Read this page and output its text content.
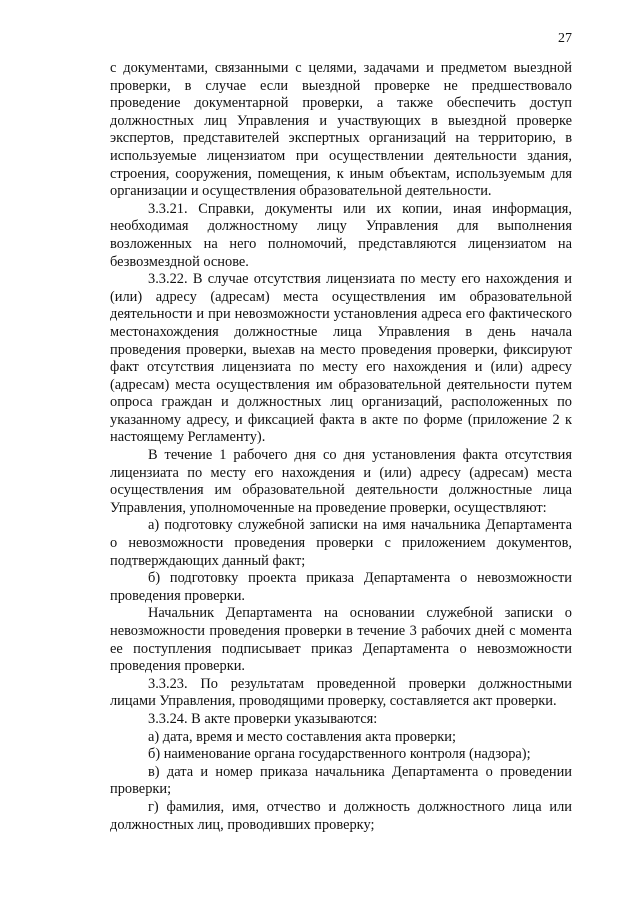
27

с документами, связанными с целями, задачами и предметом выездной проверки, в случае если выездной проверке не предшествовало проведение документарной проверки, а также обеспечить доступ должностных лиц Управления и участвующих в выездной проверке экспертов, представителей экспертных организаций на территорию, в используемые лицензиатом при осуществлении деятельности здания, строения, сооружения, помещения, к иным объектам, используемым для организации и осуществления образовательной деятельности.

3.3.21. Справки, документы или их копии, иная информация, необходимая должностному лицу Управления для выполнения возложенных на него полномочий, представляются лицензиатом на безвозмездной основе.

3.3.22. В случае отсутствия лицензиата по месту его нахождения и (или) адресу (адресам) места осуществления им образовательной деятельности и при невозможности установления адреса его фактического местонахождения должностные лица Управления в день начала проведения проверки, выехав на место проведения проверки, фиксируют факт отсутствия лицензиата по месту его нахождения и (или) адресу (адресам) места осуществления им образовательной деятельности путем опроса граждан и должностных лиц организаций, расположенных по указанному адресу, и фиксацией факта в акте по форме (приложение 2 к настоящему Регламенту).

В течение 1 рабочего дня со дня установления факта отсутствия лицензиата по месту его нахождения и (или) адресу (адресам) места осуществления им образовательной деятельности должностные лица Управления, уполномоченные на проведение проверки, осуществляют:

а) подготовку служебной записки на имя начальника Департамента о невозможности проведения проверки с приложением документов, подтверждающих данный факт;

б) подготовку проекта приказа Департамента о невозможности проведения проверки.

Начальник Департамента на основании служебной записки о невозможности проведения проверки в течение 3 рабочих дней с момента ее поступления подписывает приказ Департамента о невозможности проведения проверки.

3.3.23. По результатам проведенной проверки должностными лицами Управления, проводящими проверку, составляется акт проверки.

3.3.24. В акте проверки указываются:

а) дата, время и место составления акта проверки;

б) наименование органа государственного контроля (надзора);

в) дата и номер приказа начальника Департамента о проведении проверки;

г) фамилия, имя, отчество и должность должностного лица или должностных лиц, проводивших проверку;
